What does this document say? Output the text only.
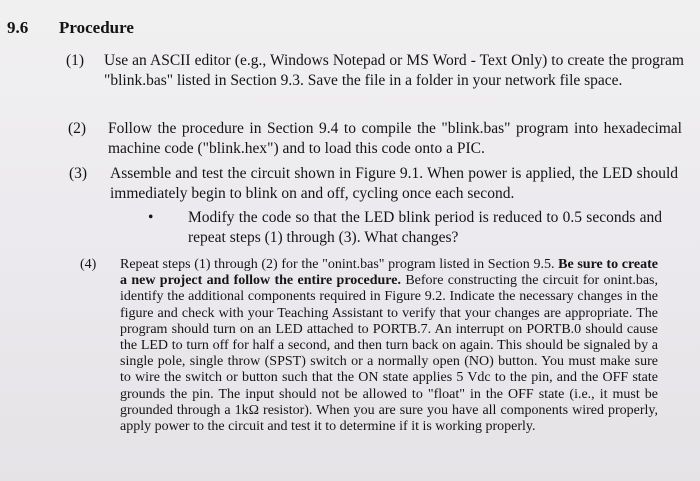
9.6 Procedure
(1) Use an ASCII editor (e.g., Windows Notepad or MS Word - Text Only) to create the program "blink.bas" listed in Section 9.3. Save the file in a folder in your network file space.
(2) Follow the procedure in Section 9.4 to compile the "blink.bas" program into hexadecimal machine code ("blink.hex") and to load this code onto a PIC.
(3) Assemble and test the circuit shown in Figure 9.1. When power is applied, the LED should immediately begin to blink on and off, cycling once each second.
• Modify the code so that the LED blink period is reduced to 0.5 seconds and repeat steps (1) through (3). What changes?
(4) Repeat steps (1) through (2) for the "onint.bas" program listed in Section 9.5. Be sure to create a new project and follow the entire procedure. Before constructing the circuit for onint.bas, identify the additional components required in Figure 9.2. Indicate the necessary changes in the figure and check with your Teaching Assistant to verify that your changes are appropriate. The program should turn on an LED attached to PORTB.7. An interrupt on PORTB.0 should cause the LED to turn off for half a second, and then turn back on again. This should be signaled by a single pole, single throw (SPST) switch or a normally open (NO) button. You must make sure to wire the switch or button such that the ON state applies 5 Vdc to the pin, and the OFF state grounds the pin. The input should not be allowed to "float" in the OFF state (i.e., it must be grounded through a 1kΩ resistor). When you are sure you have all components wired properly, apply power to the circuit and test it to determine if it is working properly.
